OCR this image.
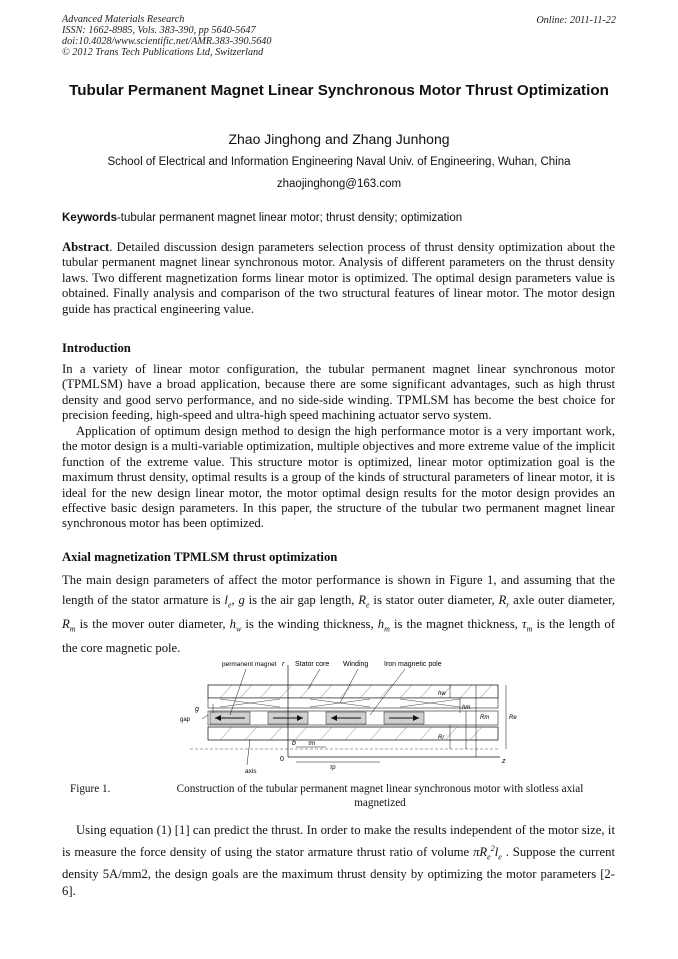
Advanced Materials Research
ISSN: 1662-8985, Vols. 383-390, pp 5640-5647
doi:10.4028/www.scientific.net/AMR.383-390.5640
© 2012 Trans Tech Publications Ltd, Switzerland
Online: 2011-11-22
Tubular Permanent Magnet Linear Synchronous Motor Thrust Optimization
Zhao Jinghong and Zhang Junhong
School of Electrical and Information Engineering Naval Univ. of Engineering, Wuhan, China
zhaojinghong@163.com
Keywords-tubular permanent magnet linear motor; thrust density; optimization
Abstract. Detailed discussion design parameters selection process of thrust density optimization about the tubular permanent magnet linear synchronous motor. Analysis of different parameters on the thrust density laws. Two different magnetization forms linear motor is optimized. The optimal design parameters value is obtained. Finally analysis and comparison of the two structural features of linear motor. The motor design guide has practical engineering value.
Introduction
In a variety of linear motor configuration, the tubular permanent magnet linear synchronous motor (TPMLSM) have a broad application, because there are some significant advantages, such as high thrust density and good servo performance, and no side-side winding. TPMLSM has become the best choice for precision feeding, high-speed and ultra-high speed machining actuator servo system.
Application of optimum design method to design the high performance motor is a very important work, the motor design is a multi-variable optimization, multiple objectives and more extreme value of the implicit function of the extreme value. This structure motor is optimized, linear motor optimization goal is the maximum thrust density, optimal results is a group of the kinds of structural parameters of linear motor, it is ideal for the new design linear motor, the motor optimal design results for the motor design provides an effective basic design parameters. In this paper, the structure of the tubular two permanent magnet linear synchronous motor has been optimized.
Axial magnetization TPMLSM thrust optimization
The main design parameters of affect the motor performance is shown in Figure 1, and assuming that the length of the stator armature is $l_e$, g is the air gap length, $R_e$ is stator outer diameter, $R_r$ axle outer diameter, $R_m$ is the mover outer diameter, $h_w$ is the winding thickness, $h_m$ is the magnet thickness, $\tau_m$ is the length of the core magnetic pole.
permanent magnet	Stator core Winding Iron magnetic pole
r
gap
g
axis
0	z
b τm
τp
hw
hm
Rm	Re
Rr
Figure 1.	Construction of the tubular permanent magnet linear synchronous motor with slotless axial magnetized
Using equation (1) [1] can predict the thrust. In order to make the results independent of the motor size, it is measure the force density of using the stator armature thrust ratio of volume $\pi R_e^2l_e$ . Suppose the current density 5A/mm2, the design goals are the maximum thrust density by optimizing the motor parameters [2-6].
